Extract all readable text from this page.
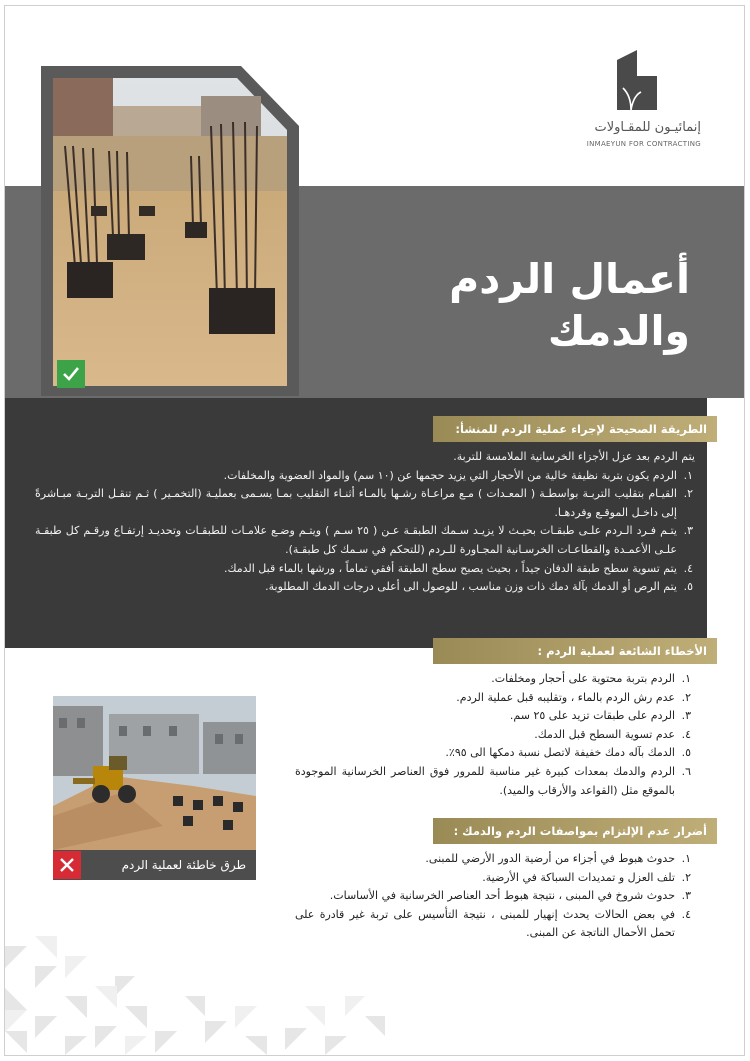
إنمائيـون للمقـاولات
INMAEYUN FOR CONTRACTING
أعمال الردم
والدمك
الطريقة الصحيحة لإجراء عملية الردم للمنشأ:
يتم الردم بعد عزل الأجزاء الخرسانية الملامسة للتربة.
١.
الردم يكون بتربة نظيفة خالية من الأحجار التي يزيد حجمها عن (١٠ سم) والمواد العضوية والمخلفات.
٢.
القيـام بتقليب التربـة بواسطـة ( المعـدات ) مـع مراعـاة رشـها بالمـاء أثنـاء التقليب بمـا يسـمى بعمليـة (التخمـير ) ثـم تنقـل التربـة مبـاشرةً إلى داخـل الموقـع وفردهـا.
٣.
يتـم فـرد الـردم علـى طبقـات بحيـث لا يزيـد سـمك الطبقـة عـن ( ٢٥ سـم ) ويتـم وضـع علامـات للطبقـات وتحديـد إرتفـاع ورقـم كل طبقـة علـى الأعمـدة والقطاعـات الخرسـانية المجـاورة للـردم (للتحكم في سـمك كل طبقـة).
٤.
يتم تسوية سطح طبقة الدفان جيداً ، بحيث يصبح سطح الطبقة أفقي تماماً ، ورشها بالماء قبل الدمك.
٥.
يتم الرص أو الدمك بآلة دمك ذات وزن مناسب ، للوصول الى أعلى درجات الدمك المطلوبة.
الأخطاء الشائعة لعملية الردم :
١.
الردم بتربة محتوية على أحجار ومخلفات.
٢.
عدم رش الردم بالماء ، وتقليبه قبل عملية الردم.
٣.
الردم على طبقات تزيد على ٢٥ سم.
٤.
عدم تسوية السطح قبل الدمك.
٥.
الدمك بآله دمك خفيفة لاتصل نسبة دمكها الى ٩٥٪.
٦.
الردم والدمك بمعدات كبيرة غير مناسبة للمرور فوق العناصر الخرسانية الموجودة بالموقع مثل (القواعد والأرقاب والميد).
طرق خاطئة لعملية الردم
أضرار عدم الإلتزام بمواصفات الردم والدمك :
١.
حدوث هبوط في أجزاء من أرضية الدور الأرضي للمبنى.
٢.
تلف العزل و تمديدات السباكة في الأرضية.
٣.
حدوث شروخ في المبنى ، نتيجة هبوط أحد العناصر الخرسانية في الأساسات.
٤.
في بعض الحالات يحدث إنهيار للمبنى ، نتيجة التأسيس على تربة غير قادرة على تحمل الأحمال الناتجة عن المبنى.
